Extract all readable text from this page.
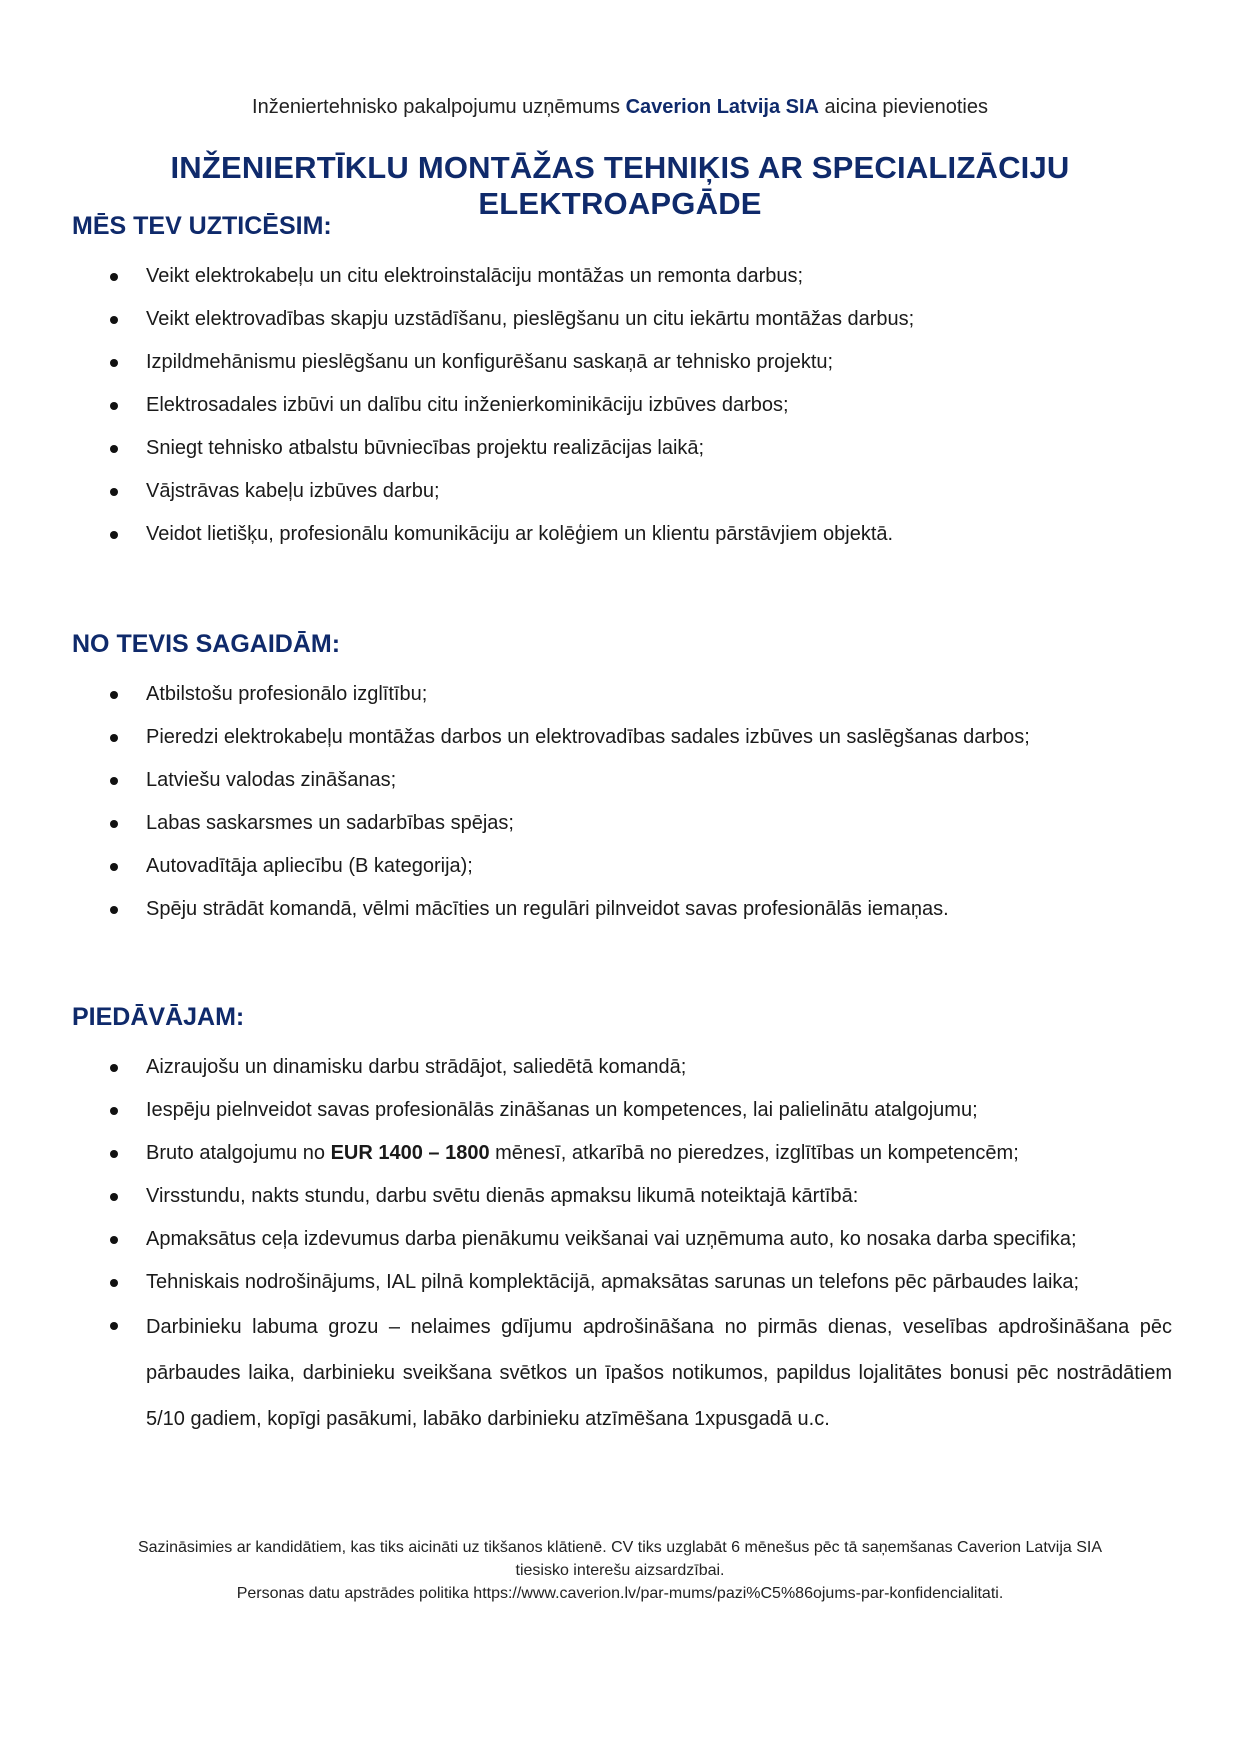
Inženiertehnisko pakalpojumu uzņēmums Caverion Latvija SIA aicina pievienoties
INŽENIERTĪKLU MONTĀŽAS TEHNIĶIS AR SPECIALIZĀCIJU ELEKTROAPGĀDE
MĒS TEV UZTICĒSIM:
Veikt elektrokabeļu un citu elektroinstalāciju montāžas un remonta darbus;
Veikt elektrovadības skapju uzstādīšanu, pieslēgšanu un citu iekārtu montāžas darbus;
Izpildmehānismu pieslēgšanu un konfigurēšanu saskaņā ar tehnisko projektu;
Elektrosadales izbūvi un dalību citu inženierkominikāciju izbūves darbos;
Sniegt tehnisko atbalstu būvniecības projektu realizācijas laikā;
Vājstrāvas kabeļu izbūves darbu;
Veidot lietišķu, profesionālu komunikāciju ar kolēģiem un klientu pārstāvjiem objektā.
NO TEVIS SAGAIDĀM:
Atbilstošu profesionālo izglītību;
Pieredzi elektrokabeļu montāžas darbos un elektrovadības sadales izbūves un saslēgšanas darbos;
Latviešu valodas zināšanas;
Labas saskarsmes un sadarbības spējas;
Autovadītāja apliecību (B kategorija);
Spēju strādāt komandā, vēlmi mācīties un regulāri pilnveidot savas profesionālās iemaņas.
PIEDĀVĀJAM:
Aizraujošu un dinamisku darbu strādājot, saliedētā komandā;
Iespēju pielnveidot savas profesionālās zināšanas un kompetences, lai palielinātu atalgojumu;
Bruto atalgojumu no EUR 1400 – 1800 mēnesī, atkarībā no pieredzes, izglītības un kompetencēm;
Virsstundu, nakts stundu, darbu svētu dienās apmaksu likumā noteiktajā kārtībā:
Apmaksātus ceļa izdevumus darba pienākumu veikšanai vai uzņēmuma auto, ko nosaka darba specifika;
Tehniskais nodrošinājums, IAL pilnā komplektācijā, apmaksātas sarunas un telefons pēc pārbaudes laika;
Darbinieku labuma grozu – nelaimes gdījumu apdrošināšana no pirmās dienas, veselības apdrošināšana pēc pārbaudes laika, darbinieku sveikšana svētkos un īpašos notikumos, papildus lojalitātes bonusi pēc nostrādātiem 5/10 gadiem, kopīgi pasākumi, labāko darbinieku atzīmēšana 1xpusgadā u.c.
Sazināsimies ar kandidātiem, kas tiks aicināti uz tikšanos klātienē. CV tiks uzglabāt 6 mēnešus pēc tā saņemšanas Caverion Latvija SIA
tiesisko interešu aizsardzībai.
Personas datu apstrādes politika https://www.caverion.lv/par-mums/pazi%C5%86ojums-par-konfidencialitati.
